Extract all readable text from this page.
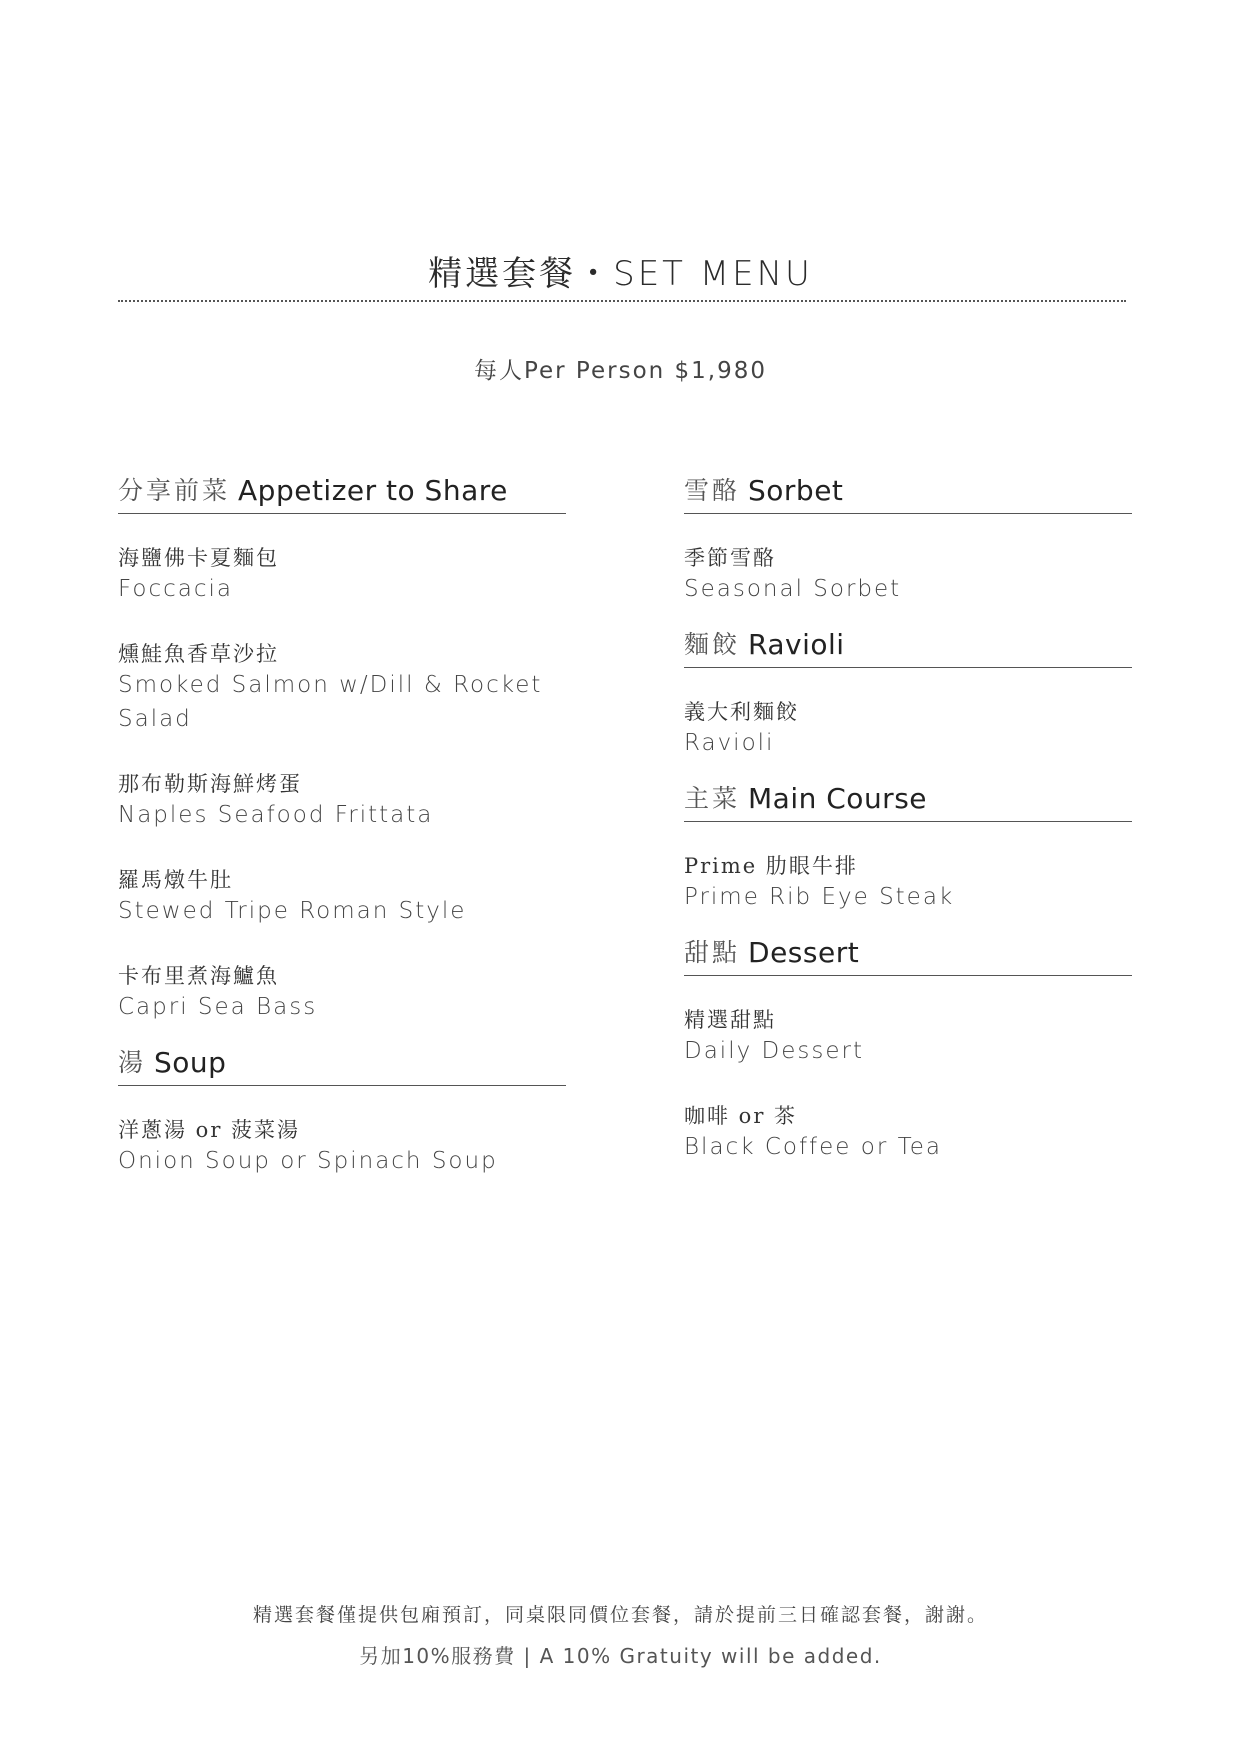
精選套餐・SET MENU
每人Per Person $1,980
分享前菜 Appetizer to Share
海鹽佛卡夏麵包
Foccacia
燻鮭魚香草沙拉
Smoked Salmon w/Dill & Rocket Salad
那布勒斯海鮮烤蛋
Naples Seafood Frittata
羅馬燉牛肚
Stewed Tripe Roman Style
卡布里煮海鱸魚
Capri Sea Bass
湯 Soup
洋蔥湯 or 菠菜湯
Onion Soup or Spinach Soup
雪酪 Sorbet
季節雪酪
Seasonal Sorbet
麵餃 Ravioli
義大利麵餃
Ravioli
主菜 Main Course
Prime 肋眼牛排
Prime Rib Eye Steak
甜點 Dessert
精選甜點
Daily Dessert
咖啡 or 茶
Black Coffee or Tea
精選套餐僅提供包廂預訂，同桌限同價位套餐，請於提前三日確認套餐，謝謝。
另加10%服務費 | A 10% Gratuity will be added.
